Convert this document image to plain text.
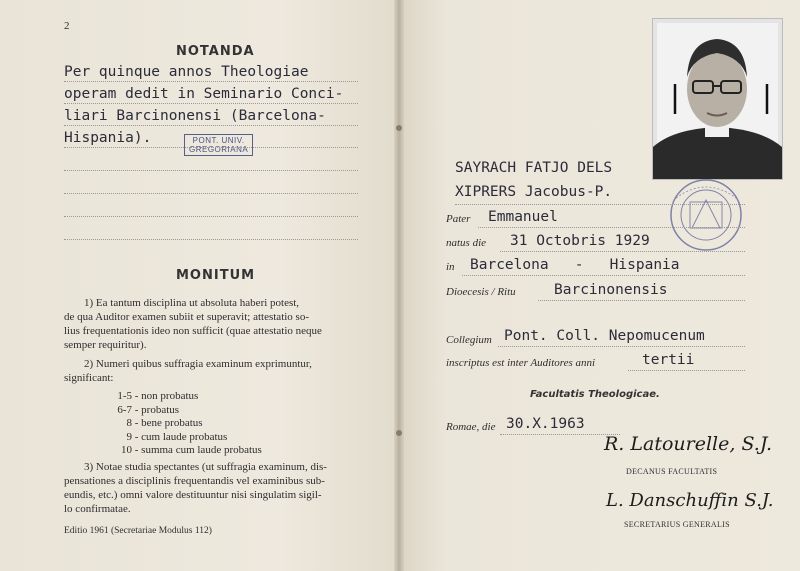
2

NOTANDA

Per quinque annos Theologiae

operam dedit in Seminario Conci-

liari Barcinonensi (Barcelona-

Hispania).	PONT. UNIV.
GREGORIANA

MONITUM

1) Ea tantum disciplina ut absoluta haberi potest,
de qua Auditor examen subiit et superavit; attestatio so-
lius frequentationis ideo non sufficit (quae attestatio neque
semper requiritur).
2) Numeri quibus suffragia examinum exprimuntur,
significant:
1-5 - non probatus
6-7 - probatus
8 - bene probatus
9 - cum laude probatus
10 - summa cum laude probatus
3) Notae studia spectantes (ut suffragia examinum, dis-
pensationes a disciplinis frequentandis vel examinibus sub-
eundis, etc.) omni valore destituuntur nisi singulatim sigil-
lo confirmatae.

Editio 1961 (Secretariae Modulus 112)

SAYRACH FATJO DELS

XIPRERS Jacobus-P.

Pater Emmanuel

natus die 31 Octobris 1929

in Barcelona   -   Hispania

Dioecesis / Ritu	Barcinonensis

Collegium Pont. Coll. Nepomucenum

inscriptus est inter Auditores anni	tertii

Facultatis Theologicae.

Romae, die 30.X.1963

R. Latourelle, S.J.

DECANUS FACULTATIS

L. Danschuffin S.J.

SECRETARIUS GENERALIS
